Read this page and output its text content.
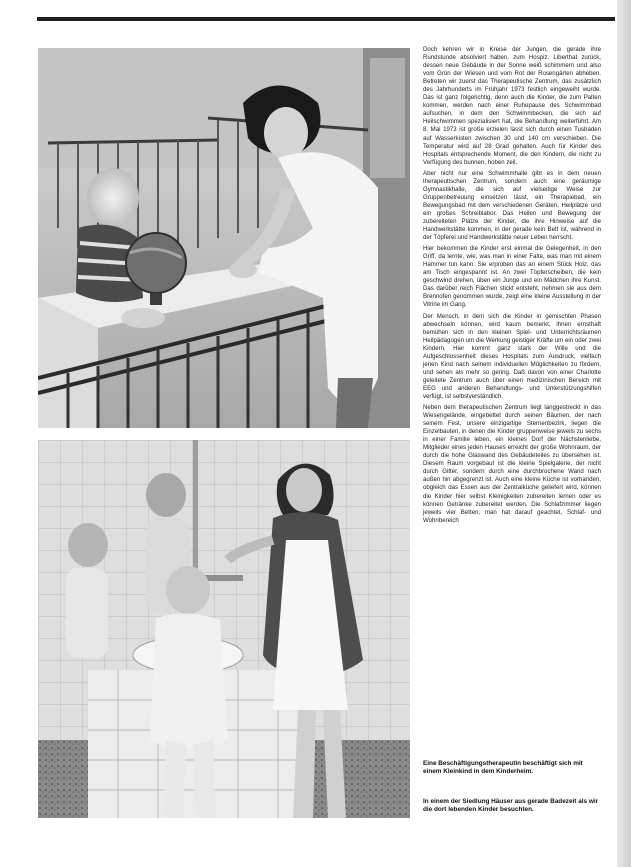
Doch kehren wir in Kreise der Jungen, die gerade ihre Rundstunde absolviert haben, zum Hospiz. Liberthat zurück, dessen neue Gebäude in der Sonne weiß schimmern und also vom Grün der Wiesen und vom Rot der Rosengärten abheben. Betreten wir zuerst das Therapeutische Zentrum, das zusätzlich des Jahrhunderts im Frühjahr 1973 festlich eingeweiht wurde. Das ist ganz folgerichtig, denn auch die Kinder, die zum Palten kommen, werden nach einer Ruhepause des Schwimmbad aufsuchen, in dem den Schwimmbecken, die sich auf Heilschwimmen spezialisiert hat, die Behandlung weiterführt. Am 8. Mai 1973 ist große erzielen lässt sich durch einen Tusbaden auf Wasserkisten zwischen 30 und 140 cm verschieben. Die Temperatur wird auf 28 Grad gehalten. Auch für Kinder des Hospitals entsprechende Moment, die den Kindern, die nicht zu Verfügung des bunnen, hoben zeil.

Aber nicht nur eine Schwimmhalle gibt es in dem neuen therapeutischen Zentrum, sondern auch eine geräumige Gymnastikhalle, die sich auf vielseitige Weise zur Gruppenbetreuung einsetzen lässt, ein Therapiebad, ein Bewegungsbad mit dem verschiedenen Geräten, Heilplätze und ein großes Schreiblabor. Das Heilen und Bewegung der zubereiteten Plätze der Kinder, die ihre Hinweise auf die Handwerkstätte kommen, in der gerade kein Bett ist, während in der Töpferei und Handwerkstätte neuer Leben herrscht.

Hier bekommen die Kinder erst einmal die Gelegenheit, in den Griff, da lernte, wie, was man in einer Falte, was man mit einem Hammer tun kann. Sie erproben das an einem Stück Holz, das am Tisch eingespannt ist. An zwei Töpferscheiben, die kein geschwind drehen, üben ein Junge und ein Mädchen ihre Kunst. Das darüber reich Flächen stickt entsteht, nehmen sie aus dem Brennofen genommen wurde, zeigt eine kleine Ausstellung in der Vitrine im Gang.

Der Mensch, in dem sich die Kinder in gemischten Phasen abwechseln können, wird kaum bemerkt, ihnen ernsthaft bemühen sich in den kleinen Spiel- und Unterrichtsräumen Heilpädagogen um die Werkung geistiger Kräfte um ein oder zwei Kindern. Hier kommt ganz stark der Wille und die Aufgeschlossenheit dieses Hospitals zum Ausdruck, vielfach jenen Kind nach seinem individuellen Möglichkeiten zu fördern, und sehen als mehr so gering. Daß davon von einer Charlotte geleitete Zentrum auch über einen medizinischen Bereich mit EEG und anderen Behandlungs- und Unterstützungshilfen verfügt, ist selbstverständlich.

Neben dem therapeutischen Zentrum liegt langgestreckt in das Wiesengelände, eingebettet durch seinen Bäumen, der nach seinem Fest, unsere einzigartige Sternenbezirk, liegen die Einzelbauten, in denen die Kinder gruppenweise jeweils zu sechs in einer Familie leben, ein kleines Dorf der Nächstenliebe, Mitglieder eines jeden Hauses erreicht der große Wohnraum, der durch die hohe Glaswand des Gebäudeteiles zu übersehen ist. Diesem Raum vorgebaut ist die kleine Spielgalerie, der nicht durch Gitter, sondern durch eine durchbrochene Wand nach außen hin abgegrenzt ist. Auch eine kleine Küche ist vorhanden, obgleich das Essen aus der Zentralküche geliefert wird, können die Kinder hier selbst Kleinigkeiten zubereiten lernen oder es können Getränke zubereitet werden. Die Schlafzimmer liegen jeweils vier Betten, man hat darauf geachtet, Schlaf- und Wohnbereich

Eine Beschäftigungstherapeutin beschäftigt sich mit einem Kleinkind in dem Kinderheim.

In einem der Siedlung Häuser aus gerade Badezeit als wir die dort lebenden Kinder besuchten.
